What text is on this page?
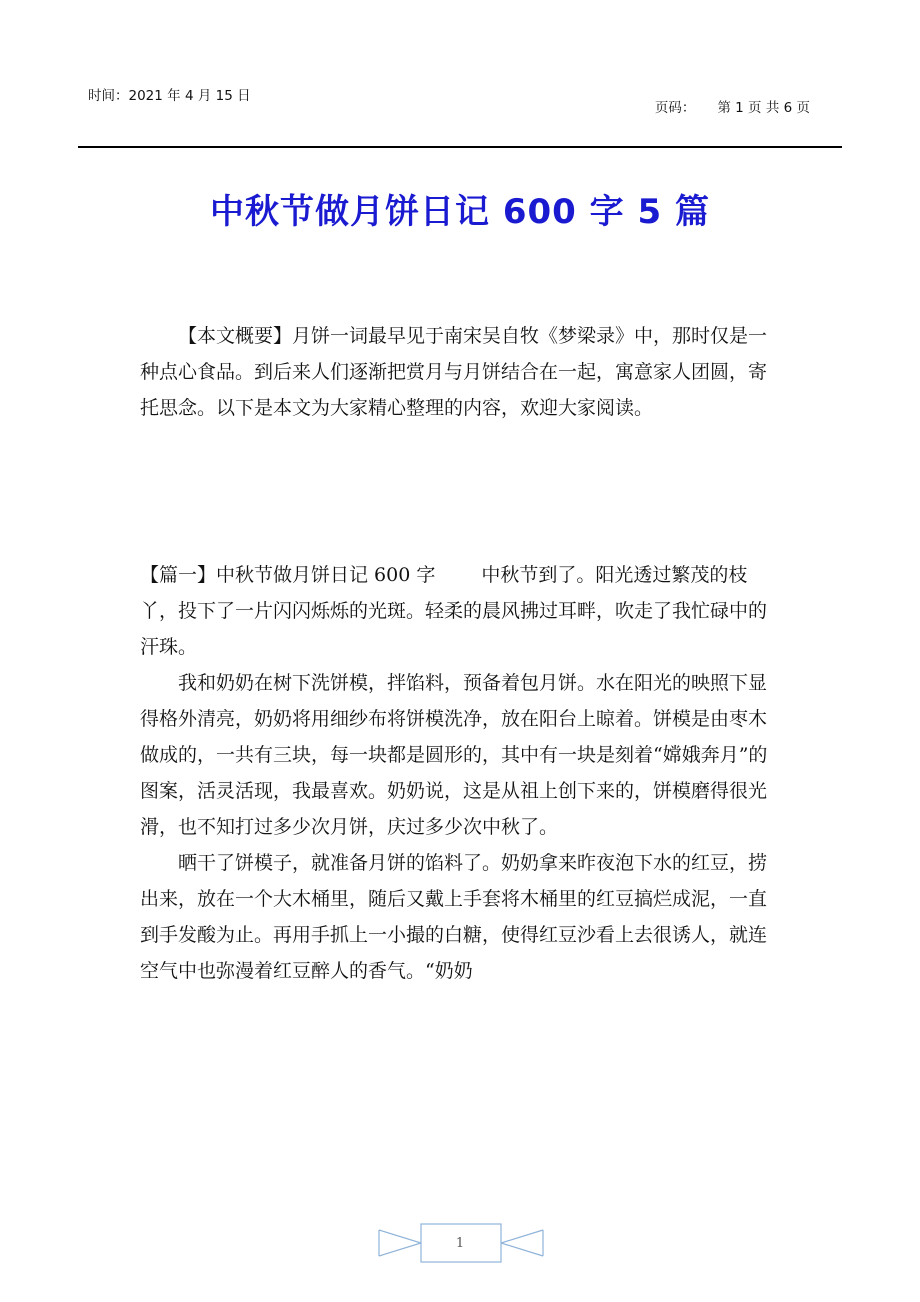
时间：2021 年 4 月 15 日
页码： 第 1 页 共 6 页
中秋节做月饼日记 600 字 5 篇

【本文概要】月饼一词最早见于南宋吴自牧《梦梁录》中，那时仅是一种点心食品。到后来人们逐渐把赏月与月饼结合在一起，寓意家人团圆，寄托思念。以下是本文为大家精心整理的内容，欢迎大家阅读。

【篇一】中秋节做月饼日记 600 字 中秋节到了。阳光透过繁茂的枝丫，投下了一片闪闪烁烁的光斑。轻柔的晨风拂过耳畔，吹走了我忙碌中的汗珠。

我和奶奶在树下洗饼模，拌馅料，预备着包月饼。水在阳光的映照下显得格外清亮，奶奶将用细纱布将饼模洗净，放在阳台上晾着。饼模是由枣木做成的，一共有三块，每一块都是圆形的，其中有一块是刻着“嫦娥奔月”的图案，活灵活现，我最喜欢。奶奶说，这是从祖上创下来的，饼模磨得很光滑，也不知打过多少次月饼，庆过多少次中秋了。

晒干了饼模子，就准备月饼的馅料了。奶奶拿来昨夜泡下水的红豆，捞出来，放在一个大木桶里，随后又戴上手套将木桶里的红豆搞烂成泥，一直到手发酸为止。再用手抓上一小撮的白糖，使得红豆沙看上去很诱人，就连空气中也弥漫着红豆醉人的香气。“奶奶

1
